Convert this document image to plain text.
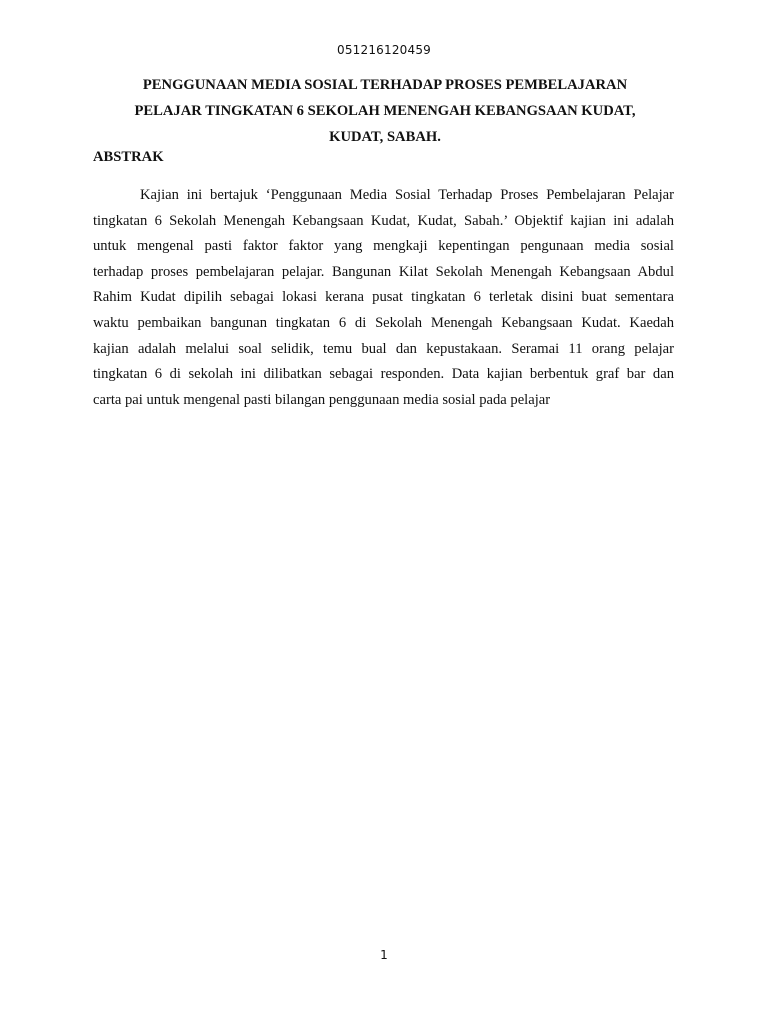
051216120459
PENGGUNAAN MEDIA SOSIAL TERHADAP PROSES PEMBELAJARAN
PELAJAR TINGKATAN 6 SEKOLAH MENENGAH KEBANGSAAN KUDAT,
KUDAT, SABAH.
ABSTRAK

Kajian ini bertajuk ‘Penggunaan Media Sosial Terhadap Proses Pembelajaran Pelajar
tingkatan 6 Sekolah Menengah Kebangsaan Kudat, Kudat, Sabah.’ Objektif kajian ini adalah
untuk mengenal pasti faktor faktor yang mengkaji kepentingan pengunaan media sosial
terhadap proses pembelajaran pelajar. Bangunan Kilat Sekolah Menengah Kebangsaan Abdul
Rahim Kudat dipilih sebagai lokasi kerana pusat tingkatan 6 terletak disini buat sementara
waktu pembaikan bangunan tingkatan 6 di Sekolah Menengah Kebangsaan Kudat. Kaedah
kajian adalah melalui soal selidik, temu bual dan kepustakaan. Seramai 11 orang pelajar
tingkatan 6 di sekolah ini dilibatkan sebagai responden. Data kajian berbentuk graf bar dan
carta pai untuk mengenal pasti bilangan penggunaan media sosial pada pelajar

1
